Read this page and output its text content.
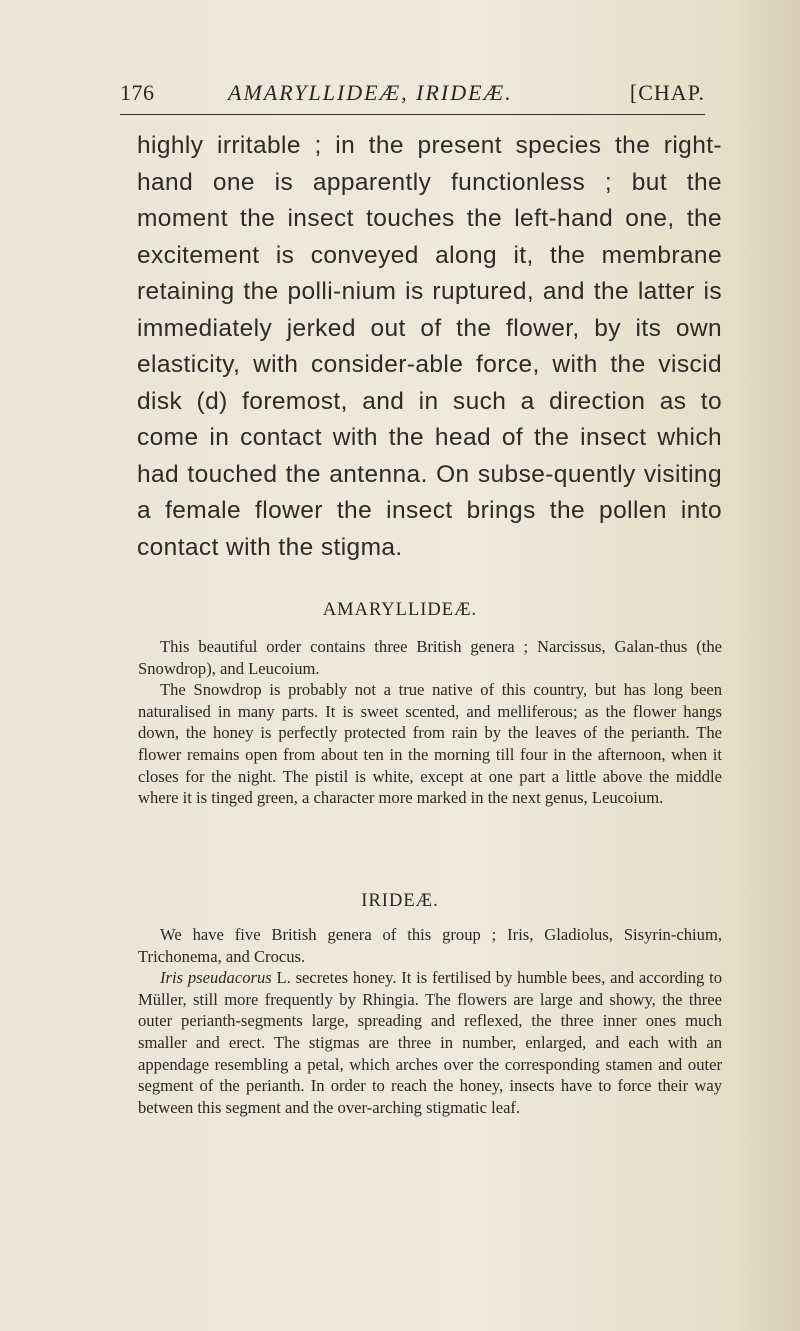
176	AMARYLLIDEÆ, IRIDEÆ.	[CHAP.
highly irritable ; in the present species the right-hand one is apparently functionless ; but the moment the insect touches the left-hand one, the excitement is conveyed along it, the membrane retaining the polli-nium is ruptured, and the latter is immediately jerked out of the flower, by its own elasticity, with consider-able force, with the viscid disk (d) foremost, and in such a direction as to come in contact with the head of the insect which had touched the antenna. On subse-quently visiting a female flower the insect brings the pollen into contact with the stigma.
AMARYLLIDEÆ.

This beautiful order contains three British genera ; Narcissus, Galan-thus (the Snowdrop), and Leucoium.

The Snowdrop is probably not a true native of this country, but has long been naturalised in many parts. It is sweet scented, and melliferous; as the flower hangs down, the honey is perfectly protected from rain by the leaves of the perianth. The flower remains open from about ten in the morning till four in the afternoon, when it closes for the night. The pistil is white, except at one part a little above the middle where it is tinged green, a character more marked in the next genus, Leucoium.

IRIDEÆ.

We have five British genera of this group ; Iris, Gladiolus, Sisyrin-chium, Trichonema, and Crocus.

Iris pseudacorus L. secretes honey. It is fertilised by humble bees, and according to Müller, still more frequently by Rhingia. The flowers are large and showy, the three outer perianth-segments large, spreading and reflexed, the three inner ones much smaller and erect. The stigmas are three in number, enlarged, and each with an appendage resembling a petal, which arches over the corresponding stamen and outer segment of the perianth. In order to reach the honey, insects have to force their way between this segment and the over-arching stigmatic leaf.
